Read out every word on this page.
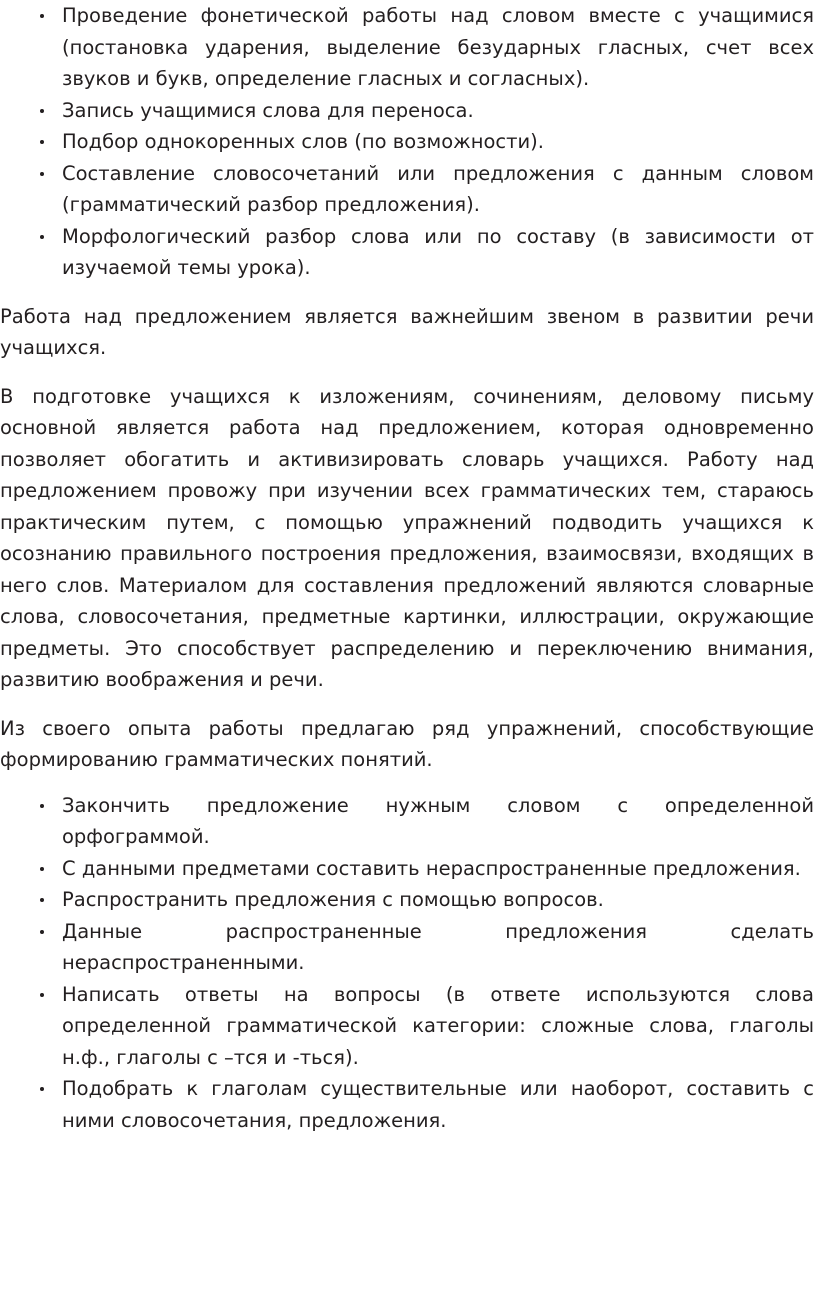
Проведение фонетической работы над словом вместе с учащимися (постановка ударения, выделение безударных гласных, счет всех звуков и букв, определение гласных и согласных).
Запись учащимися слова для переноса.
Подбор однокоренных слов (по возможности).
Составление словосочетаний или предложения с данным словом (грамматический разбор предложения).
Морфологический разбор слова или по составу (в зависимости от изучаемой темы урока).

Работа над предложением является важнейшим звеном в развитии речи учащихся.

В подготовке учащихся к изложениям, сочинениям, деловому письму основной является работа над предложением, которая одновременно позволяет обогатить и активизировать словарь учащихся. Работу над предложением провожу при изучении всех грамматических тем, стараюсь практическим путем, с помощью упражнений подводить учащихся к осознанию правильного построения предложения, взаимосвязи, входящих в него слов. Материалом для составления предложений являются словарные слова, словосочетания, предметные картинки, иллюстрации, окружающие предметы. Это способствует распределению и переключению внимания, развитию воображения и речи.

Из своего опыта работы предлагаю ряд упражнений, способствующие формированию грамматических понятий.

Закончить предложение нужным словом с определенной орфограммой.
С данными предметами составить нераспространенные предложения.
Распространить предложения с помощью вопросов.
Данные распространенные предложения сделать нераспространенными.
Написать ответы на вопросы (в ответе используются слова определенной грамматической категории: сложные слова, глаголы н.ф., глаголы с –тся и -ться).
Подобрать к глаголам существительные или наоборот, составить с ними словосочетания, предложения.
